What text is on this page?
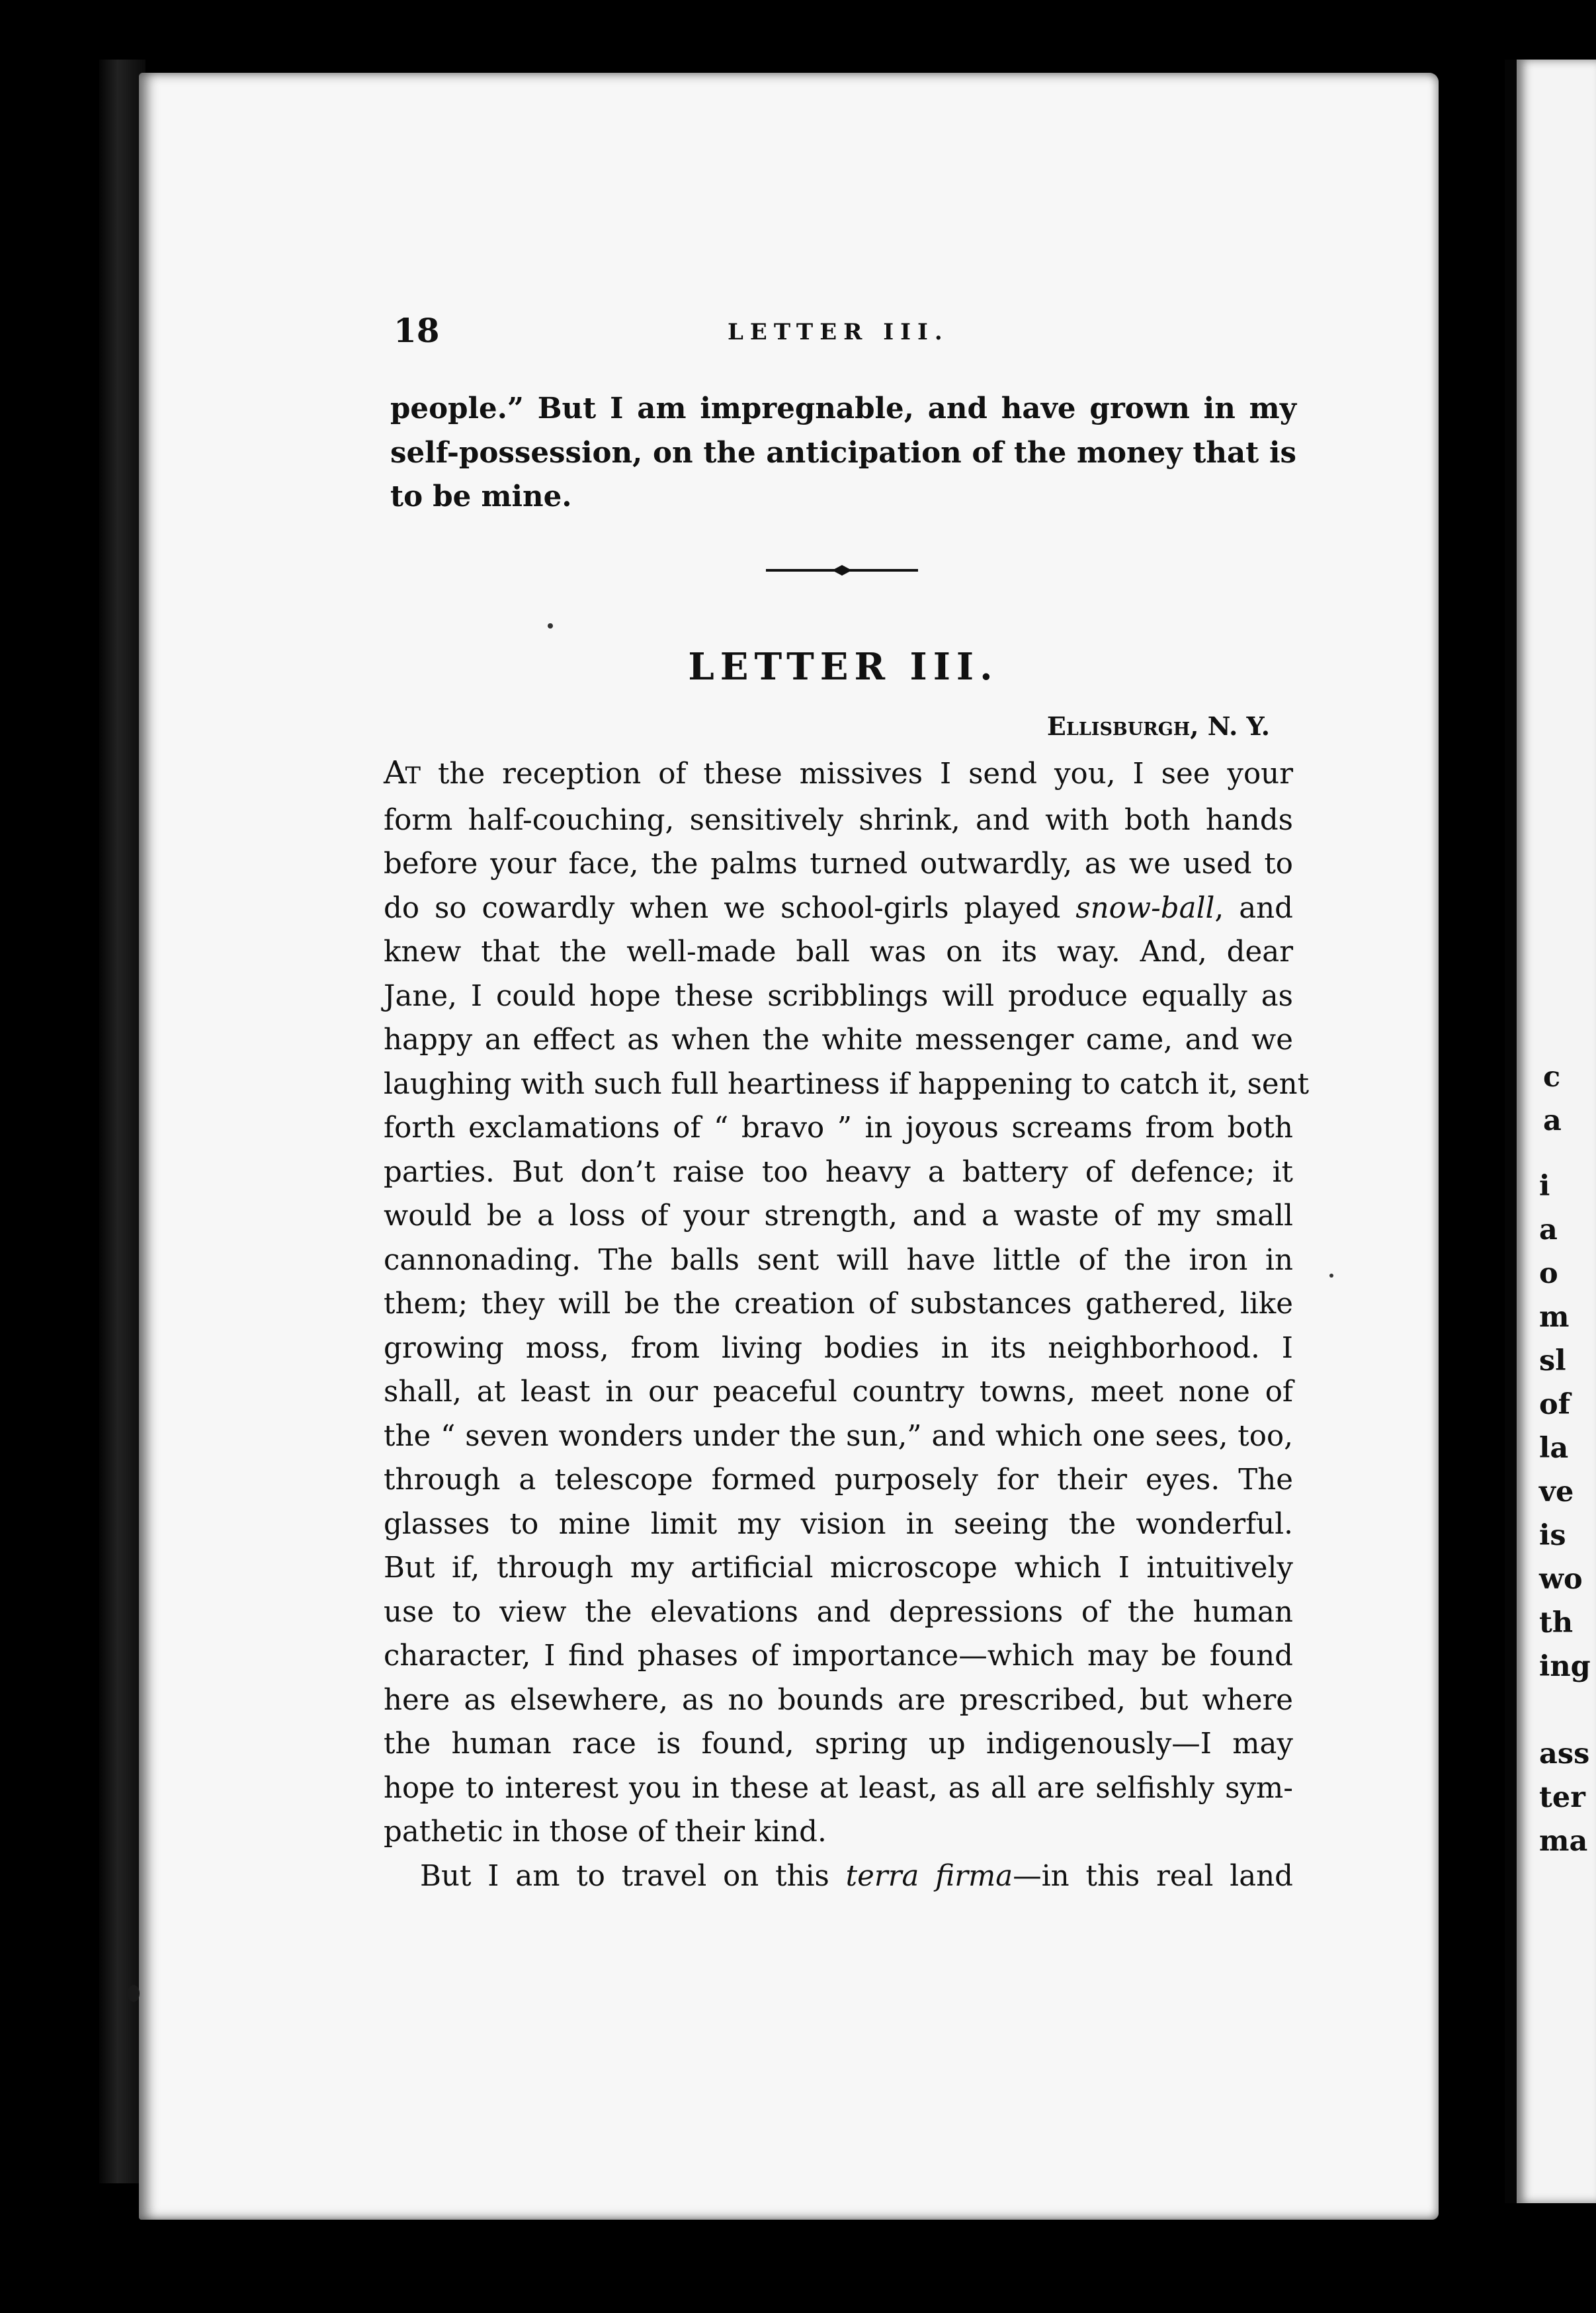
c
a
i
a
o
m
sl
of
la
ve
is
wo
th
ing
ass
ter
ma
18	LETTER III.

people.” But I am impregnable, and have grown in my self-possession, on the anticipation of the money that is to be mine.

LETTER III.
Ellisburgh, N. Y.
AT the reception of these missives I send you, I see your
form half-couching, sensitively shrink, and with both hands
before your face, the palms turned outwardly, as we used to
do so cowardly when we school-girls played snow-ball, and
knew that the well-made ball was on its way. And, dear
Jane, I could hope these scribblings will produce equally as
happy an effect as when the white messenger came, and we
laughing with such full heartiness if happening to catch it, sent
forth exclamations of “ bravo ” in joyous screams from both
parties. But don’t raise too heavy a battery of defence; it
would be a loss of your strength, and a waste of my small
cannonading. The balls sent will have little of the iron in
them; they will be the creation of substances gathered, like
growing moss, from living bodies in its neighborhood. I
shall, at least in our peaceful country towns, meet none of
the “ seven wonders under the sun,” and which one sees, too,
through a telescope formed purposely for their eyes. The
glasses to mine limit my vision in seeing the wonderful.
But if, through my artificial microscope which I intuitively
use to view the elevations and depressions of the human
character, I find phases of importance—which may be found
here as elsewhere, as no bounds are prescribed, but where
the human race is found, spring up indigenously—I may
hope to interest you in these at least, as all are selfishly sym-
pathetic in those of their kind.
But I am to travel on this terra firma—in this real land
